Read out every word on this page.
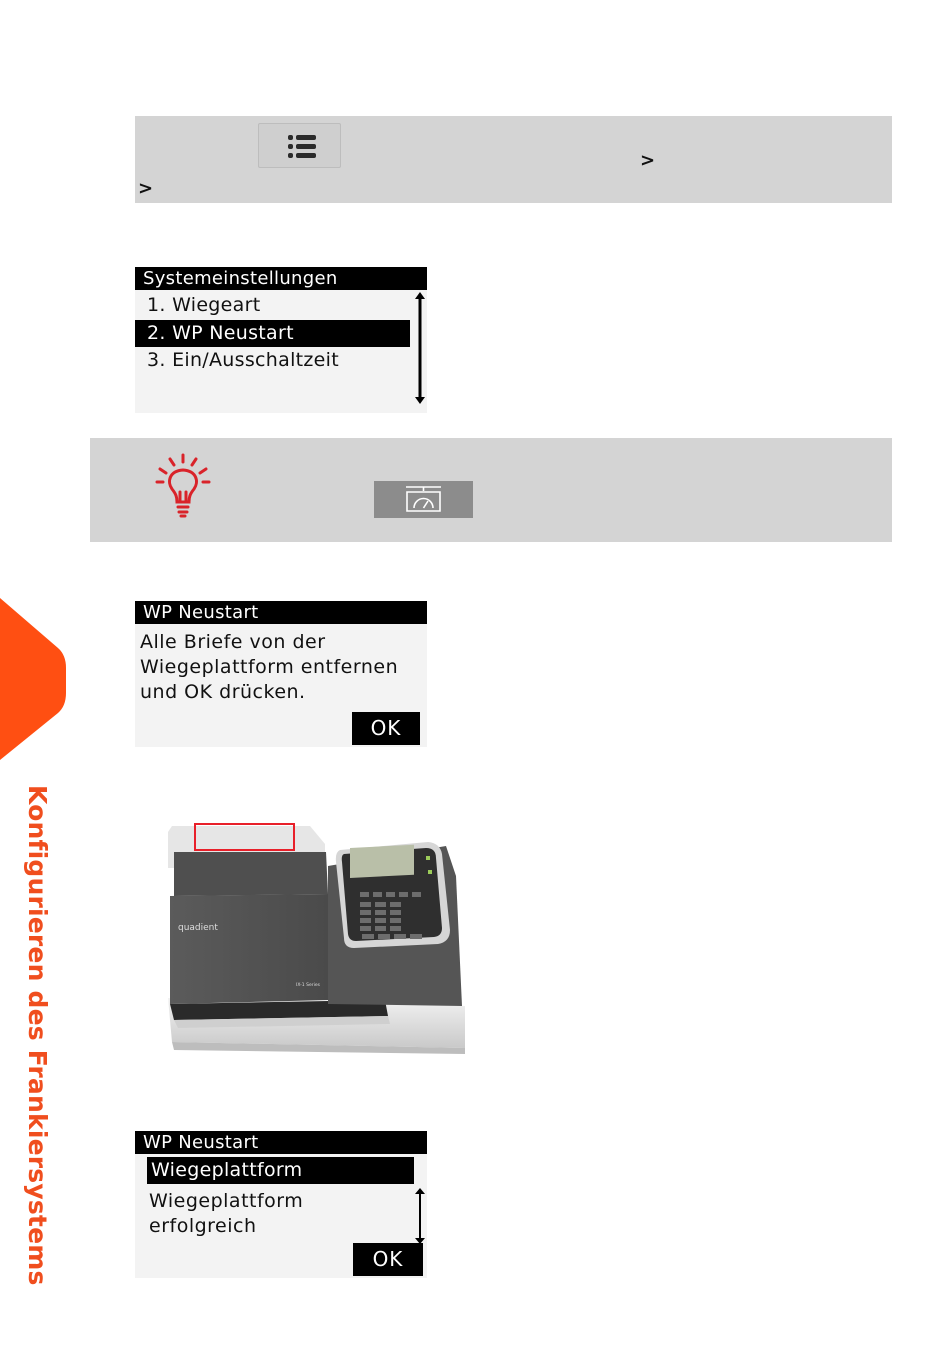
>
>
Systemeinstellungen
1. Wiegeart
2. WP Neustart
3. Ein/Ausschaltzeit
Konfigurieren des Frankiersystems
WP Neustart
Alle Briefe von der
Wiegeplattform entfernen
und OK drücken.
OK
quadient
IX-1 Series
WP Neustart
Wiegeplattform
Wiegeplattform
erfolgreich
OK
